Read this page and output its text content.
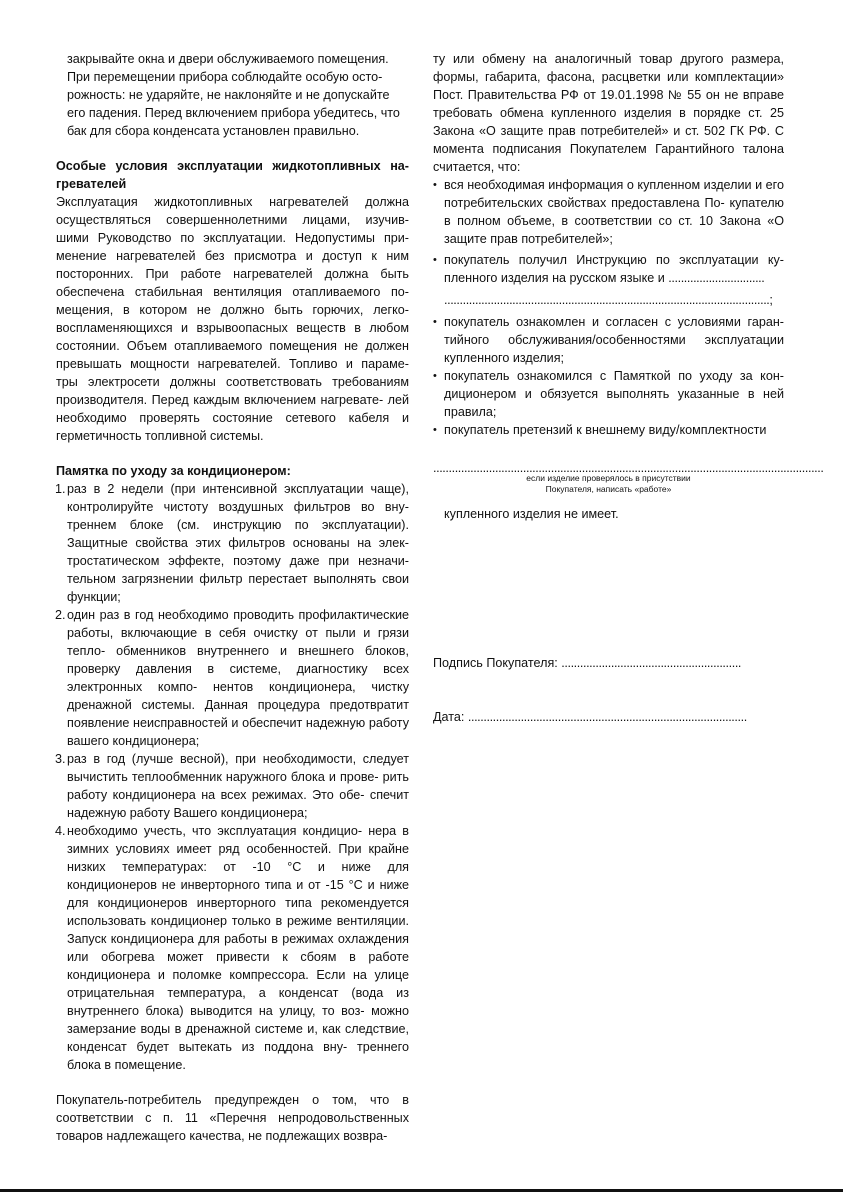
закрывайте окна и двери обслуживаемого помещения.

При перемещении прибора соблюдайте особую осто-

рожность: не ударяйте, не наклоняйте и не допускайте

его падения. Перед включением прибора убедитесь, что

бак для сбора конденсата установлен правильно.

Особые условия эксплуатации жидкотопливных на- гревателей

Эксплуатация жидкотопливных нагревателей должна осуществляться совершеннолетними лицами, изучив- шими Руководство по эксплуатации. Недопустимы при- менение нагревателей без присмотра и доступ к ним посторонних. При работе нагревателей должна быть обеспечена стабильная вентиляция отапливаемого по- мещения, в котором не должно быть горючих, легко- воспламеняющихся и взрывоопасных веществ в любом состоянии. Объем отапливаемого помещения не должен превышать мощности нагревателей. Топливо и параме- тры электросети должны соответствовать требованиям производителя. Перед каждым включением нагревате- лей необходимо проверять состояние сетевого кабеля и герметичность топливной системы.

Памятка по уходу за кондиционером:

1. раз в 2 недели (при интенсивной эксплуатации чаще), контролируйте чистоту воздушных фильтров во вну- треннем блоке (см. инструкцию по эксплуатации). Защитные свойства этих фильтров основаны на элек- тростатическом эффекте, поэтому даже при незначи- тельном загрязнении фильтр перестает выполнять свои функции;
2. один раз в год необходимо проводить профилактические работы, включающие в себя очистку от пыли и грязи тепло- обменников внутреннего и внешнего блоков, проверку давления в системе, диагностику всех электронных компо- нентов кондиционера, чистку дренажной системы. Данная процедура предотвратит появление неисправностей и обеспечит надежную работу вашего кондиционера;
3. раз в год (лучше весной), при необходимости, следует вычистить теплообменник наружного блока и прове- рить работу кондиционера на всех режимах. Это обе- спечит надежную работу Вашего кондиционера;
4. необходимо учесть, что эксплуатация кондицио- нера в зимних условиях имеет ряд особенностей. При крайне низких температурах: от -10 °С и ниже для кондиционеров не инверторного типа и от -15 °С и ниже для кондиционеров инверторного типа рекомендуется использовать кондиционер только в режиме вентиляции. Запуск кондиционера для работы в режимах охлаждения или обогрева может привести к сбоям в работе кондиционера и поломке компрессора. Если на улице отрицательная температура, а конденсат (вода из внутреннего блока) выводится на улицу, то воз- можно замерзание воды в дренажной системе и, как следствие, конденсат будет вытекать из поддона вну- треннего блока в помещение.

Покупатель-потребитель предупрежден о том, что в соответствии с п. 11 «Перечня непродовольственных товаров надлежащего качества, не подлежащих возвра-

ту или обмену на аналогичный товар другого размера, формы, габарита, фасона, расцветки или комплектации» Пост. Правительства РФ от 19.01.1998 № 55 он не вправе требовать обмена купленного изделия в порядке ст. 25 Закона «О защите прав потребителей» и ст. 502 ГК РФ. С момента подписания Покупателем Гарантийного талона считается, что:

• вся необходимая информация о купленном изделии и его потребительских свойствах предоставлена По- купателю в полном объеме, в соответствии со ст. 10 Закона «О защите прав потребителей»;
• покупатель получил Инструкцию по эксплуатации ку- пленного изделия на русском языке и ...............................
.........................................................................................................;
• покупатель ознакомлен и согласен с условиями гаран- тийного обслуживания/особенностями эксплуатации купленного изделия;
• покупатель ознакомился с Памяткой по уходу за кон- диционером и обязуется выполнять указанные в ней правила;
• покупатель претензий к внешнему виду/комплектности
..............................................................................................................................
если изделие проверялось в присутствии
Покупателя, написать «работе»

купленного изделия не имеет.

Подпись Покупателя: ..........................................................
Дата: ..........................................................................................
